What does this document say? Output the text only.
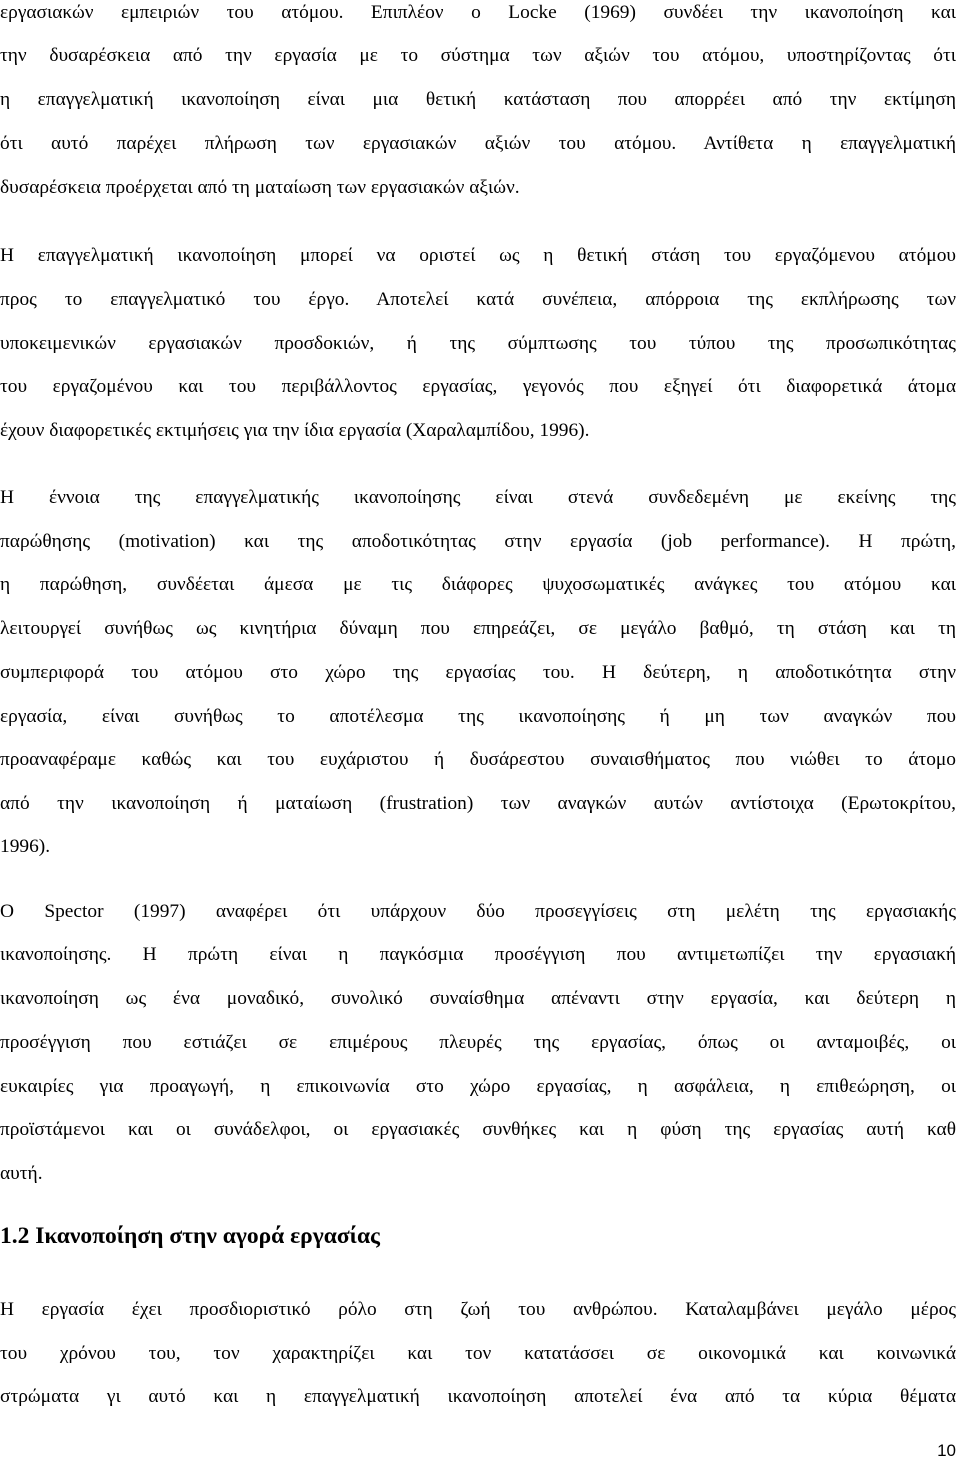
εργασιακών εμπειριών του ατόμου. Επιπλέον ο Locke (1969) συνδέει την ικανοποίηση και
την δυσαρέσκεια από την εργασία με το σύστημα των αξιών του ατόμου, υποστηρίζοντας ότι
η επαγγελματική ικανοποίηση είναι μια θετική κατάσταση που απορρέει από την εκτίμηση
ότι αυτό παρέχει πλήρωση των εργασιακών αξιών του ατόμου. Αντίθετα η επαγγελματική
δυσαρέσκεια προέρχεται από τη ματαίωση των εργασιακών αξιών.
Η επαγγελματική ικανοποίηση μπορεί να οριστεί ως η θετική στάση του εργαζόμενου ατόμου
προς το επαγγελματικό του έργο. Αποτελεί κατά συνέπεια, απόρροια της εκπλήρωσης των
υποκειμενικών εργασιακών προσδοκιών, ή της σύμπτωσης του τύπου της προσωπικότητας
του εργαζομένου και του περιβάλλοντος εργασίας, γεγονός που εξηγεί ότι διαφορετικά άτομα
έχουν διαφορετικές εκτιμήσεις για την ίδια εργασία (Χαραλαμπίδου, 1996).
Η έννοια της επαγγελματικής ικανοποίησης είναι στενά συνδεδεμένη με εκείνης της
παρώθησης (motivation) και της αποδοτικότητας στην εργασία (job performance). Η πρώτη,
η παρώθηση, συνδέεται άμεσα με τις διάφορες ψυχοσωματικές ανάγκες του ατόμου και
λειτουργεί συνήθως ως κινητήρια δύναμη που επηρεάζει, σε μεγάλο βαθμό, τη στάση και τη
συμπεριφορά του ατόμου στο χώρο της εργασίας του. Η δεύτερη, η αποδοτικότητα στην
εργασία, είναι συνήθως το αποτέλεσμα της ικανοποίησης ή μη των αναγκών που
προαναφέραμε καθώς και του ευχάριστου ή δυσάρεστου συναισθήματος που νιώθει το άτομο
από την ικανοποίηση ή ματαίωση (frustration) των αναγκών αυτών αντίστοιχα (Ερωτοκρίτου,
1996).
Ο Spector (1997) αναφέρει ότι υπάρχουν δύο προσεγγίσεις στη μελέτη της εργασιακής
ικανοποίησης. Η πρώτη είναι η παγκόσμια προσέγγιση που αντιμετωπίζει την εργασιακή
ικανοποίηση ως ένα μοναδικό, συνολικό συναίσθημα απέναντι στην εργασία, και δεύτερη η
προσέγγιση που εστιάζει σε επιμέρους πλευρές της εργασίας, όπως οι ανταμοιβές, οι
ευκαιρίες για προαγωγή, η επικοινωνία στο χώρο εργασίας, η ασφάλεια, η επιθεώρηση, οι
προϊστάμενοι και οι συνάδελφοι, οι εργασιακές συνθήκες και η φύση της εργασίας αυτή καθ
αυτή.
1.2 Ικανοποίηση στην αγορά εργασίας
Η εργασία έχει προσδιοριστικό ρόλο στη ζωή του ανθρώπου. Καταλαμβάνει μεγάλο μέρος
του χρόνου του, τον χαρακτηρίζει και τον κατατάσσει σε οικονομικά και κοινωνικά
στρώματα γι αυτό και η επαγγελματική ικανοποίηση αποτελεί ένα από τα κύρια θέματα
10
